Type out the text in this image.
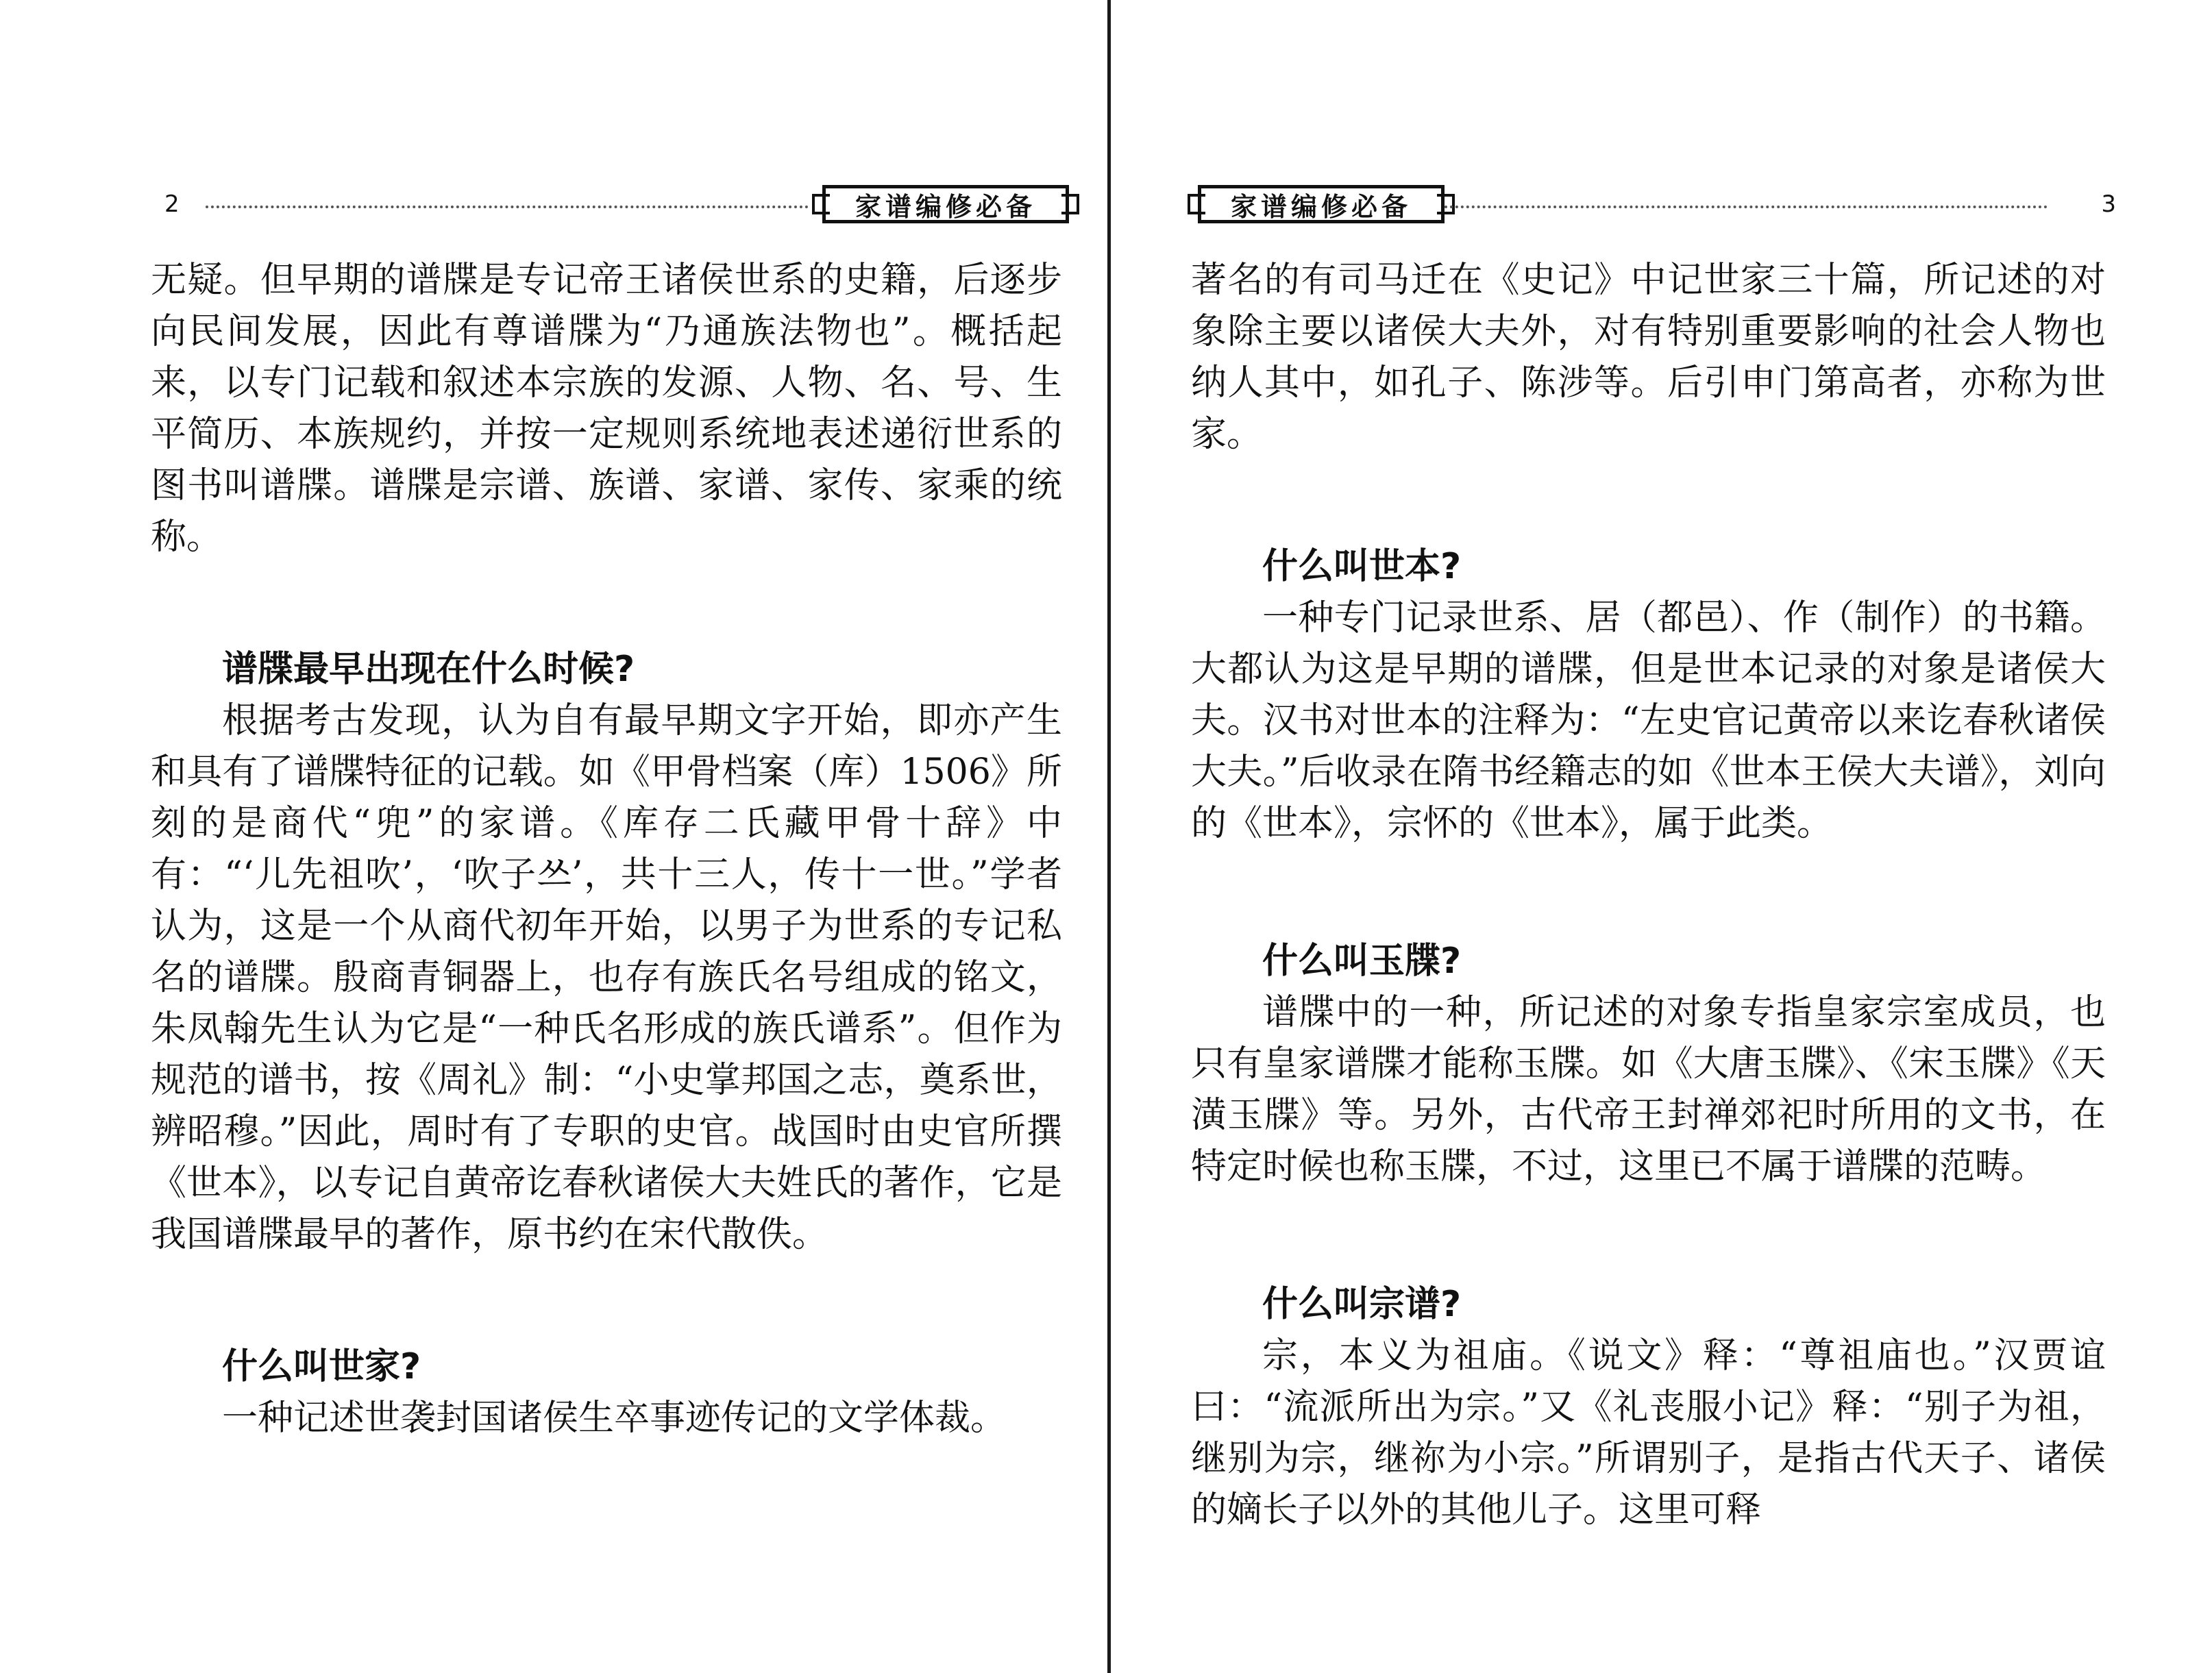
2	家谱编修必备

无疑。但早期的谱牒是专记帝王诸侯世系的史籍，后逐步向民间发展，因此有尊谱牒为“乃通族法物也”。概括起来，以专门记载和叙述本宗族的发源、人物、名、号、生平简历、本族规约，并按一定规则系统地表述递衍世系的图书叫谱牒。谱牒是宗谱、族谱、家谱、家传、家乘的统称。

谱牒最早出现在什么时候?

根据考古发现，认为自有最早期文字开始，即亦产生和具有了谱牒特征的记载。如《甲骨档案（库）1506》所刻的是商代“兜”的家谱。《库存二氏藏甲骨十辞》中有：“‘儿先祖吹’，‘吹子쓰’，共十三人，传十一世。”学者认为，这是一个从商代初年开始，以男子为世系的专记私名的谱牒。殷商青铜器上，也存有族氏名号组成的铭文，朱凤翰先生认为它是“一种氏名形成的族氏谱系”。但作为规范的谱书，按《周礼》制：“小史掌邦国之志，奠系世，辨昭穆。”因此，周时有了专职的史官。战国时由史官所撰《世本》，以专记自黄帝讫春秋诸侯大夫姓氏的著作，它是我国谱牒最早的著作，原书约在宋代散佚。

什么叫世家?

一种记述世袭封国诸侯生卒事迹传记的文学体裁。

家谱编修必备	3

著名的有司马迁在《史记》中记世家三十篇，所记述的对象除主要以诸侯大夫外，对有特别重要影响的社会人物也纳人其中，如孔子、陈涉等。后引申门第高者，亦称为世家。

什么叫世本?

一种专门记录世系、居（都邑）、作（制作）的书籍。大都认为这是早期的谱牒，但是世本记录的对象是诸侯大夫。汉书对世本的注释为：“左史官记黄帝以来讫春秋诸侯大夫。”后收录在隋书经籍志的如《世本王侯大夫谱》，刘向的《世本》，宗怀的《世本》，属于此类。

什么叫玉牒?

谱牒中的一种，所记述的对象专指皇家宗室成员，也只有皇家谱牒才能称玉牒。如《大唐玉牒》、《宋玉牒》《天潢玉牒》等。另外，古代帝王封禅郊祀时所用的文书，在特定时候也称玉牒，不过，这里已不属于谱牒的范畴。

什么叫宗谱?

宗，本义为祖庙。《说文》释：“尊祖庙也。”汉贾谊曰：“流派所出为宗。”又《礼丧服小记》释：“别子为祖，继别为宗，继祢为小宗。”所谓别子，是指古代天子、诸侯的嫡长子以外的其他儿子。这里可释
